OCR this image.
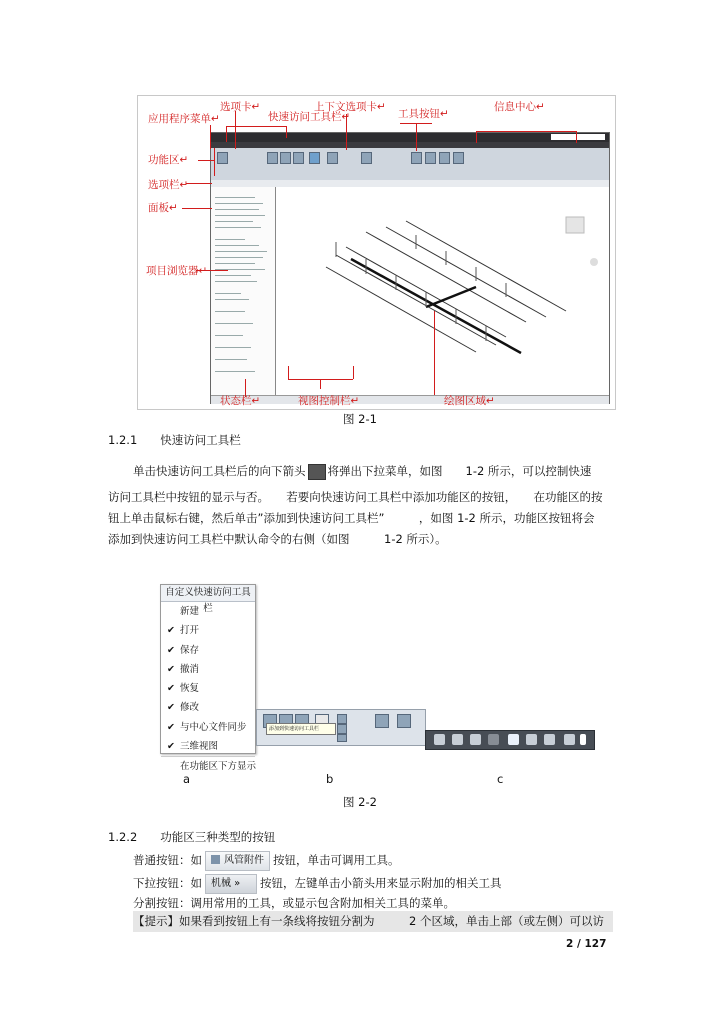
应用程序菜单↵
选项卡↵
快速访问工具栏↵
上下文选项卡↵
工具按钮↵
信息中心↵
功能区↵
选项栏↵
面板↵
项目浏览器↵
状态栏↵	视图控制栏↵	绘图区域↵
图 2-1
1.2.1　　快速访问工具栏
单击快速访问工具栏后的向下箭头 将弹出下拉菜单，如图　　1-2 所示，可以控制快速
访问工具栏中按钮的显示与否。　　若要向快速访问工具栏中添加功能区的按钮，　　在功能区的按
钮上单击鼠标右键，然后单击”添加到快速访问工具栏”　　　，如图 1-2 所示，功能区按钮将会
添加到快速访问工具栏中默认命令的右侧（如图　　　1-2 所示）。
自定义快速访问工具栏
新建
✔ 打开
✔ 保存
✔ 撤消
✔ 恢复
✔ 修改
✔ 与中心文件同步
✔ 三维视图
在功能区下方显示
添加到快速访问工具栏
a	b	c
图 2-2
1.2.2　　功能区三种类型的按钮
普通按钮：如 风管附件 按钮，单击可调用工具。
下拉按钮：如 机械 » 按钮，左键单击小箭头用来显示附加的相关工具
分割按钮：调用常用的工具，或显示包含附加相关工具的菜单。
【提示】如果看到按钮上有一条线将按钮分割为　　　2 个区域，单击上部（或左侧）可以访
2 / 127
